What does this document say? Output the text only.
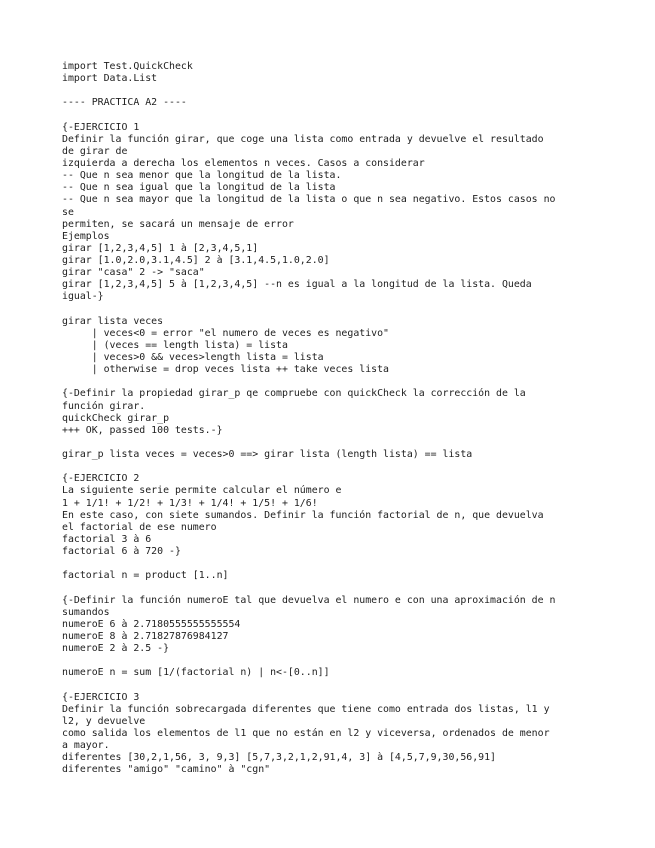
import Test.QuickCheck
import Data.List
---- PRACTICA A2 ----
{-EJERCICIO 1
Definir la función girar, que coge una lista como entrada y devuelve el resultado
de girar de
izquierda a derecha los elementos n veces. Casos a considerar
-- Que n sea menor que la longitud de la lista.
-- Que n sea igual que la longitud de la lista
-- Que n sea mayor que la longitud de la lista o que n sea negativo. Estos casos no
se
permiten, se sacará un mensaje de error
Ejemplos
girar [1,2,3,4,5] 1 à [2,3,4,5,1]
girar [1.0,2.0,3.1,4.5] 2 à [3.1,4.5,1.0,2.0]
girar "casa" 2 -> "saca"
girar [1,2,3,4,5] 5 à [1,2,3,4,5] --n es igual a la longitud de la lista. Queda
igual-}
girar lista veces
| veces<0 = error "el numero de veces es negativo"
| (veces == length lista) = lista
| veces>0 && veces>length lista = lista
| otherwise = drop veces lista ++ take veces lista
{-Definir la propiedad girar_p qe compruebe con quickCheck la corrección de la
función girar.
quickCheck girar_p
+++ OK, passed 100 tests.-}
girar_p lista veces = veces>0 ==> girar lista (length lista) == lista
{-EJERCICIO 2
La siguiente serie permite calcular el número e
1 + 1/1! + 1/2! + 1/3! + 1/4! + 1/5! + 1/6!
En este caso, con siete sumandos. Definir la función factorial de n, que devuelva
el factorial de ese numero
factorial 3 à 6
factorial 6 à 720 -}
factorial n = product [1..n]
{-Definir la función numeroE tal que devuelva el numero e con una aproximación de n
sumandos
numeroE 6 à 2.7180555555555554
numeroE 8 à 2.71827876984127
numeroE 2 à 2.5 -}
numeroE n = sum [1/(factorial n) | n<-[0..n]]
{-EJERCICIO 3
Definir la función sobrecargada diferentes que tiene como entrada dos listas, l1 y
l2, y devuelve
como salida los elementos de l1 que no están en l2 y viceversa, ordenados de menor
a mayor.
diferentes [30,2,1,56, 3, 9,3] [5,7,3,2,1,2,91,4, 3] à [4,5,7,9,30,56,91]
diferentes "amigo" "camino" à "cgn"
